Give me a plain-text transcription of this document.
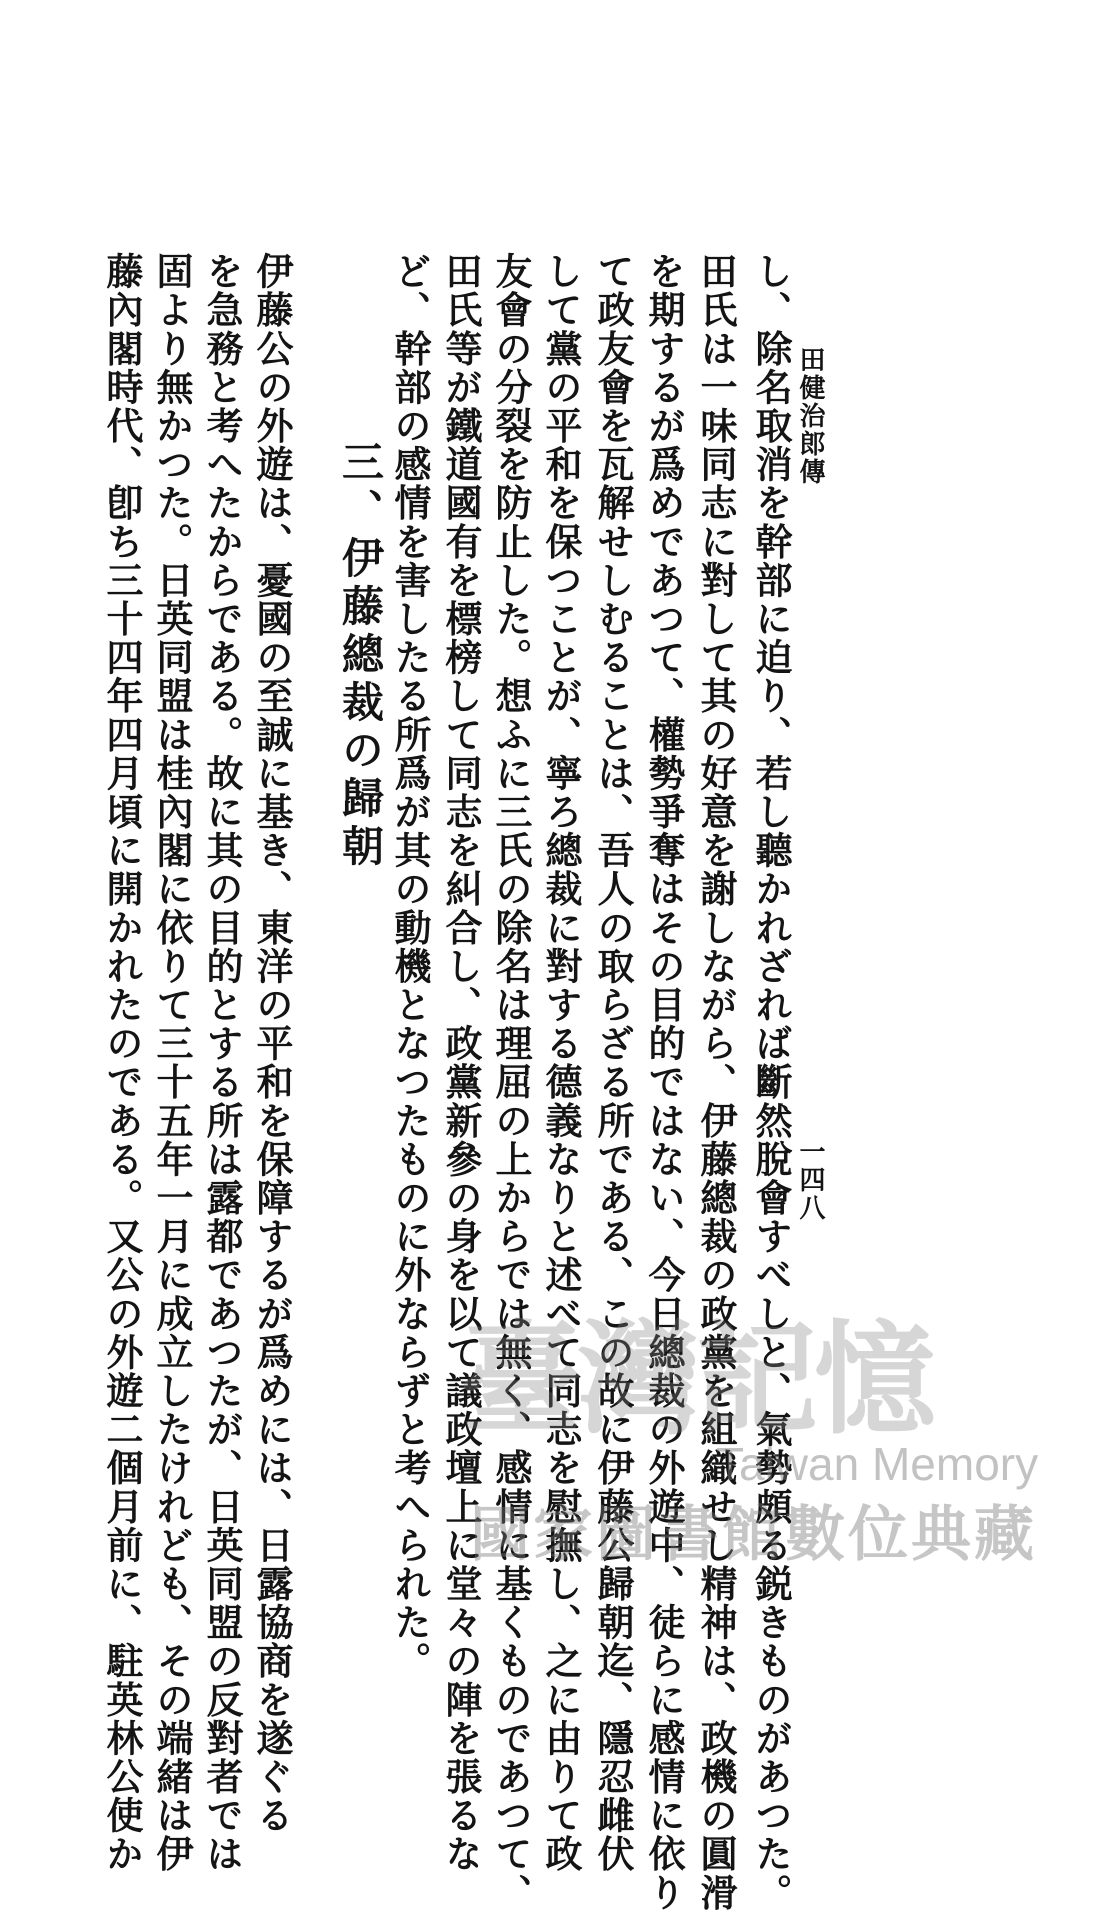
田健治郎傳
一四八
し、除名取消を幹部に迫り、若し聽かれざれば斷然脫會すべしと、氣勢頗る鋭きものがあつた。
田氏は一味同志に對して其の好意を謝しながら、伊藤總裁の政黨を組織せし精神は、政機の圓滑
を期するが爲めであつて、權勢爭奪はその目的ではない、今日總裁の外遊中、徒らに感情に依り
て政友會を瓦解せしむることは、吾人の取らざる所である、この故に伊藤公歸朝迄、隱忍雌伏
して黨の平和を保つことが、寧ろ總裁に對する德義なりと述べて同志を慰撫し、之に由りて政
友會の分裂を防止した。想ふに三氏の除名は理屈の上からでは無く、感情に基くものであつて、
田氏等が鐵道國有を標榜して同志を糾合し、政黨新參の身を以て議政壇上に堂々の陣を張るな
ど、幹部の感情を害したる所爲が其の動機となつたものに外ならずと考へられた。
三、伊藤總裁の歸朝
伊藤公の外遊は、憂國の至誠に基き、東洋の平和を保障するが爲めには、日露協商を遂ぐる
を急務と考へたからである。故に其の目的とする所は露都であつたが、日英同盟の反對者では
固より無かつた。日英同盟は桂內閣に依りて三十五年一月に成立したけれども、その端緒は伊
藤內閣時代、卽ち三十四年四月頃に開かれたのである。又公の外遊二個月前に、駐英林公使か	臺灣記憶
Taiwan Memory
國家圖書館數位典藏
